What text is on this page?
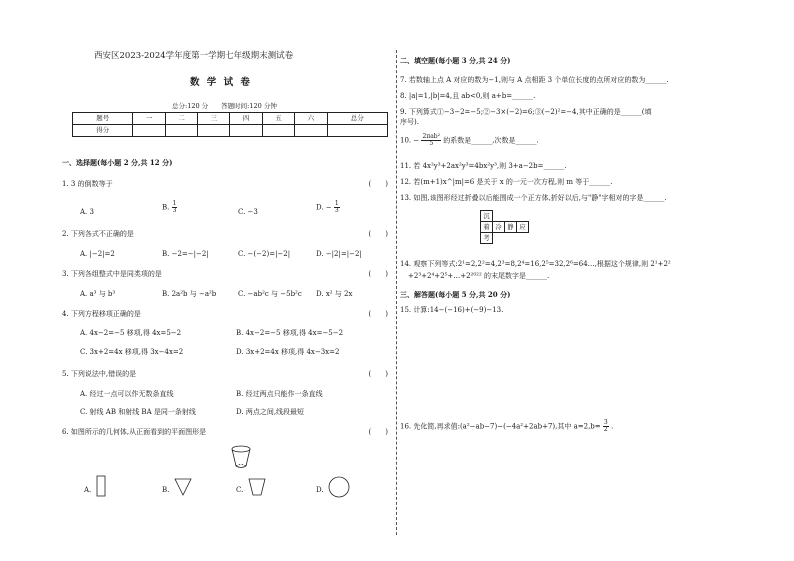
西安区2023-2024学年度第一学期七年级期末测试卷
数 学 试 卷
总分:120 分　　答题时间:120 分钟
题号	一	二	三	四	五	六	总分
得分							
一、选择题(每小题 2 分,共 12 分)
1. 3 的倒数等于	(　　)
A. 3
B. $\frac{1}{3}$	C. −3
D. − $\frac{1}{3}$
2. 下列各式不正确的是	(　　)
A. |−2|=2	B. −2=−|−2|	C. −(−2)=|−2|	D. −|2|=|−2|
3. 下列各组整式中是同类项的是	(　　)
A. a³ 与 b³	B. 2a²b 与 −a²b	C. −ab²c 与 −5b²c D. x² 与 2x
4. 下列方程移项正确的是	(　　)
A. 4x−2=−5 移项,得 4x=5−2	B. 4x−2=−5 移项,得 4x=−5−2
C. 3x+2=4x 移项,得 3x−4x=2	D. 3x+2=4x 移项,得 4x−3x=2
5. 下列说法中,错误的是	(　　)
A. 经过一点可以作无数条直线	B. 经过两点只能作一条直线
C. 射线 AB 和射线 BA 是同一条射线	D. 两点之间,线段最短
6. 如图所示的几何体,从正面看到的平面图形是	(　　)
A.	B.	C.	D.
二、填空题(每小题 3 分,共 24 分)
7. 若数轴上点 A 对应的数为−1,则与 A 点相距 3 个单位长度的点所对应的数为______.
8. |a|=1,|b|=4,且 ab<0,则 a+b=______.
9. 下列算式①−3−2=−5;②−3×(−2)=6;③(−2)²=−4,其中正确的是______(填
序号).
10. − $\frac{\text{2πab²}}{5}$ 的系数是______,次数是______.
11. 若 4x²y³+2ax²y³=4bx²y³,则 3+a−2b=______.
12. 若(m+1)x^|m|=6 是关于 x 的一元一次方程,则 m 等于______.
13. 如图,该图形经过折叠以后能围成一个正方体,折好以后,与"静"字相对的字是______.
沉			
着	冷	静	应
考			
14. 观察下列等式:2¹=2,2²=4,2³=8,2⁴=16,2⁵=32,2⁶=64…,根据这个规律,则 2¹+2²
+2³+2⁴+2⁵+…+2²⁰²² 的末尾数字是______.
三、解答题(每小题 5 分,共 20 分)
15. 计算:14−(−16)+(−9)−13.
16. 先化简,再求值:(a²−ab−7)−(−4a²+2ab+7),其中 $a=2,b= \frac{3}{2}$ .
